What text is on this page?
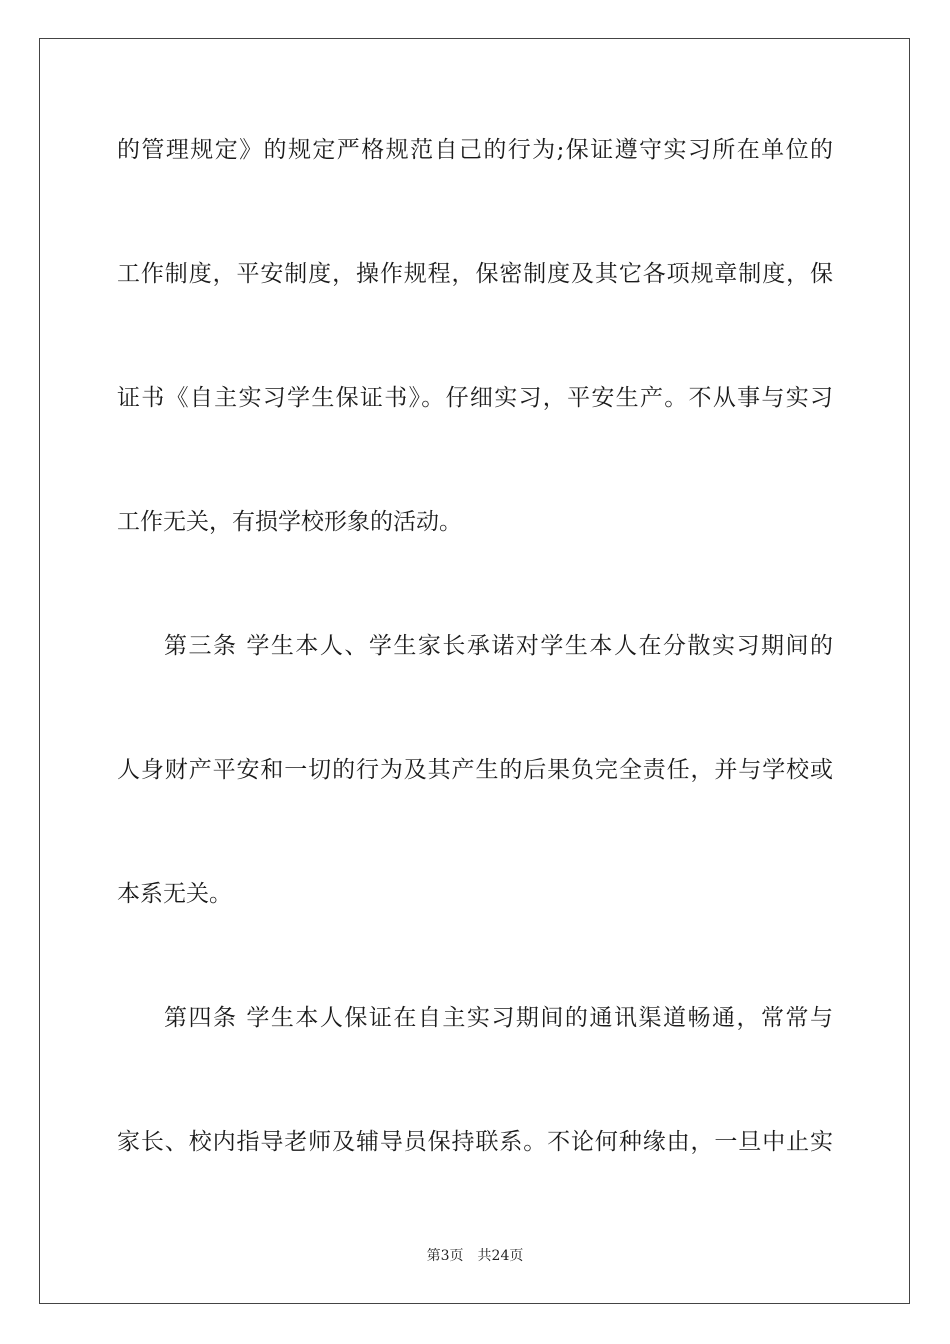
的管理规定》的规定严格规范自己的行为;保证遵守实习所在单位的
工作制度，平安制度，操作规程，保密制度及其它各项规章制度，保
证书《自主实习学生保证书》。仔细实习，平安生产。不从事与实习
工作无关，有损学校形象的活动。
第三条 学生本人、学生家长承诺对学生本人在分散实习期间的
人身财产平安和一切的行为及其产生的后果负完全责任，并与学校或
本系无关。
第四条 学生本人保证在自主实习期间的通讯渠道畅通，常常与
家长、校内指导老师及辅导员保持联系。不论何种缘由，一旦中止实
第3页 共24页
